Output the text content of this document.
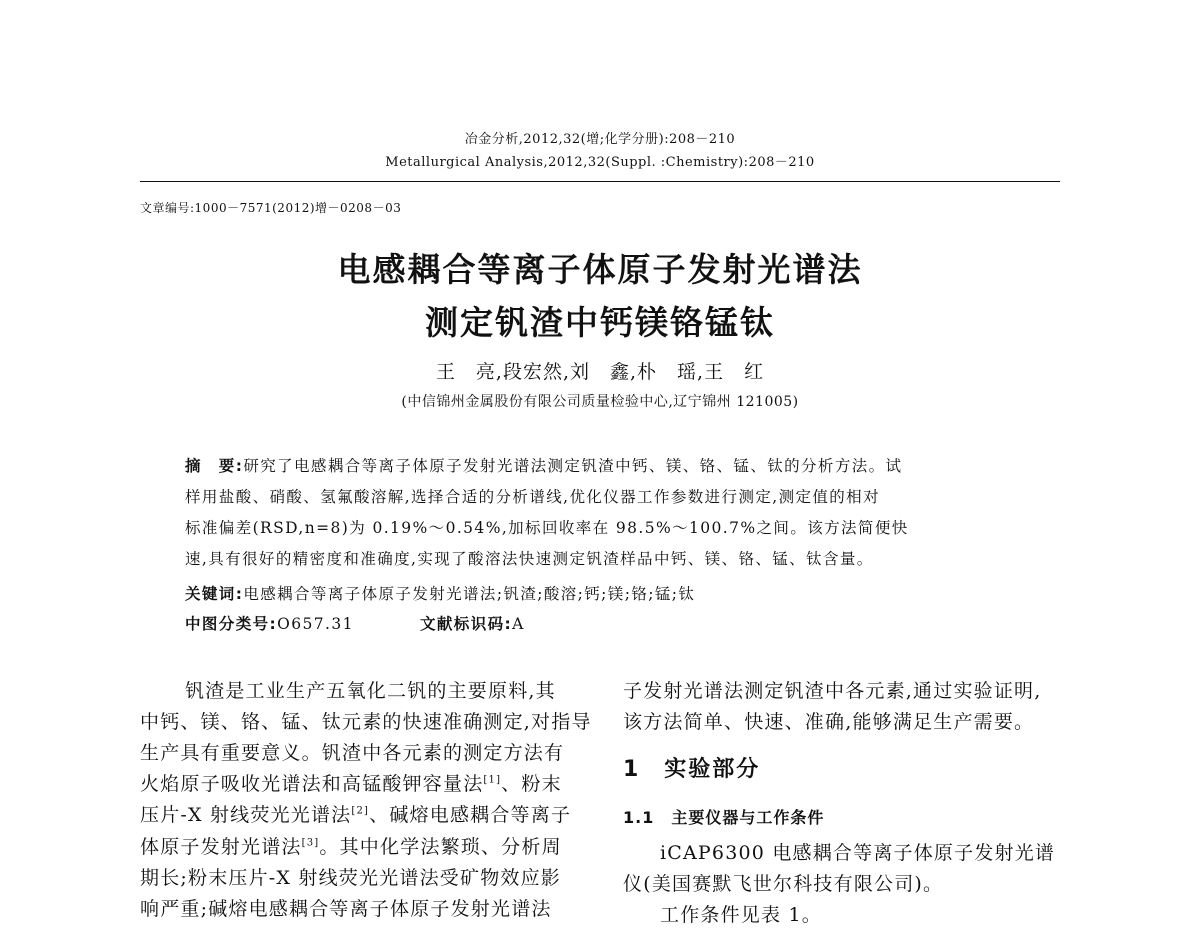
冶金分析,2012,32(增;化学分册):208－210
Metallurgical Analysis,2012,32(Suppl. :Chemistry):208－210
文章编号:1000－7571(2012)增－0208－03
电感耦合等离子体原子发射光谱法
测定钒渣中钙镁铬锰钛
王　亮,段宏然,刘　鑫,朴　瑶,王　红
(中信锦州金属股份有限公司质量检验中心,辽宁锦州 121005)
摘　要:研究了电感耦合等离子体原子发射光谱法测定钒渣中钙、镁、铬、锰、钛的分析方法。试
样用盐酸、硝酸、氢氟酸溶解,选择合适的分析谱线,优化仪器工作参数进行测定,测定值的相对
标准偏差(RSD,n=8)为 0.19%～0.54%,加标回收率在 98.5%～100.7%之间。该方法简便快
速,具有很好的精密度和准确度,实现了酸溶法快速测定钒渣样品中钙、镁、铬、锰、钛含量。
关键词:电感耦合等离子体原子发射光谱法;钒渣;酸溶;钙;镁;铬;锰;钛
中图分类号:O657.31	文献标识码:A
钒渣是工业生产五氧化二钒的主要原料,其
中钙、镁、铬、锰、钛元素的快速准确测定,对指导
生产具有重要意义。钒渣中各元素的测定方法有
火焰原子吸收光谱法和高锰酸钾容量法[1]、粉末
压片-X 射线荧光光谱法[2]、碱熔电感耦合等离子
体原子发射光谱法[3]。其中化学法繁琐、分析周
期长;粉末压片-X 射线荧光光谱法受矿物效应影
响严重;碱熔电感耦合等离子体原子发射光谱法
子发射光谱法测定钒渣中各元素,通过实验证明,
该方法简单、快速、准确,能够满足生产需要。
1　实验部分
1.1　主要仪器与工作条件
iCAP6300 电感耦合等离子体原子发射光谱
仪(美国赛默飞世尔科技有限公司)。
工作条件见表 1。
